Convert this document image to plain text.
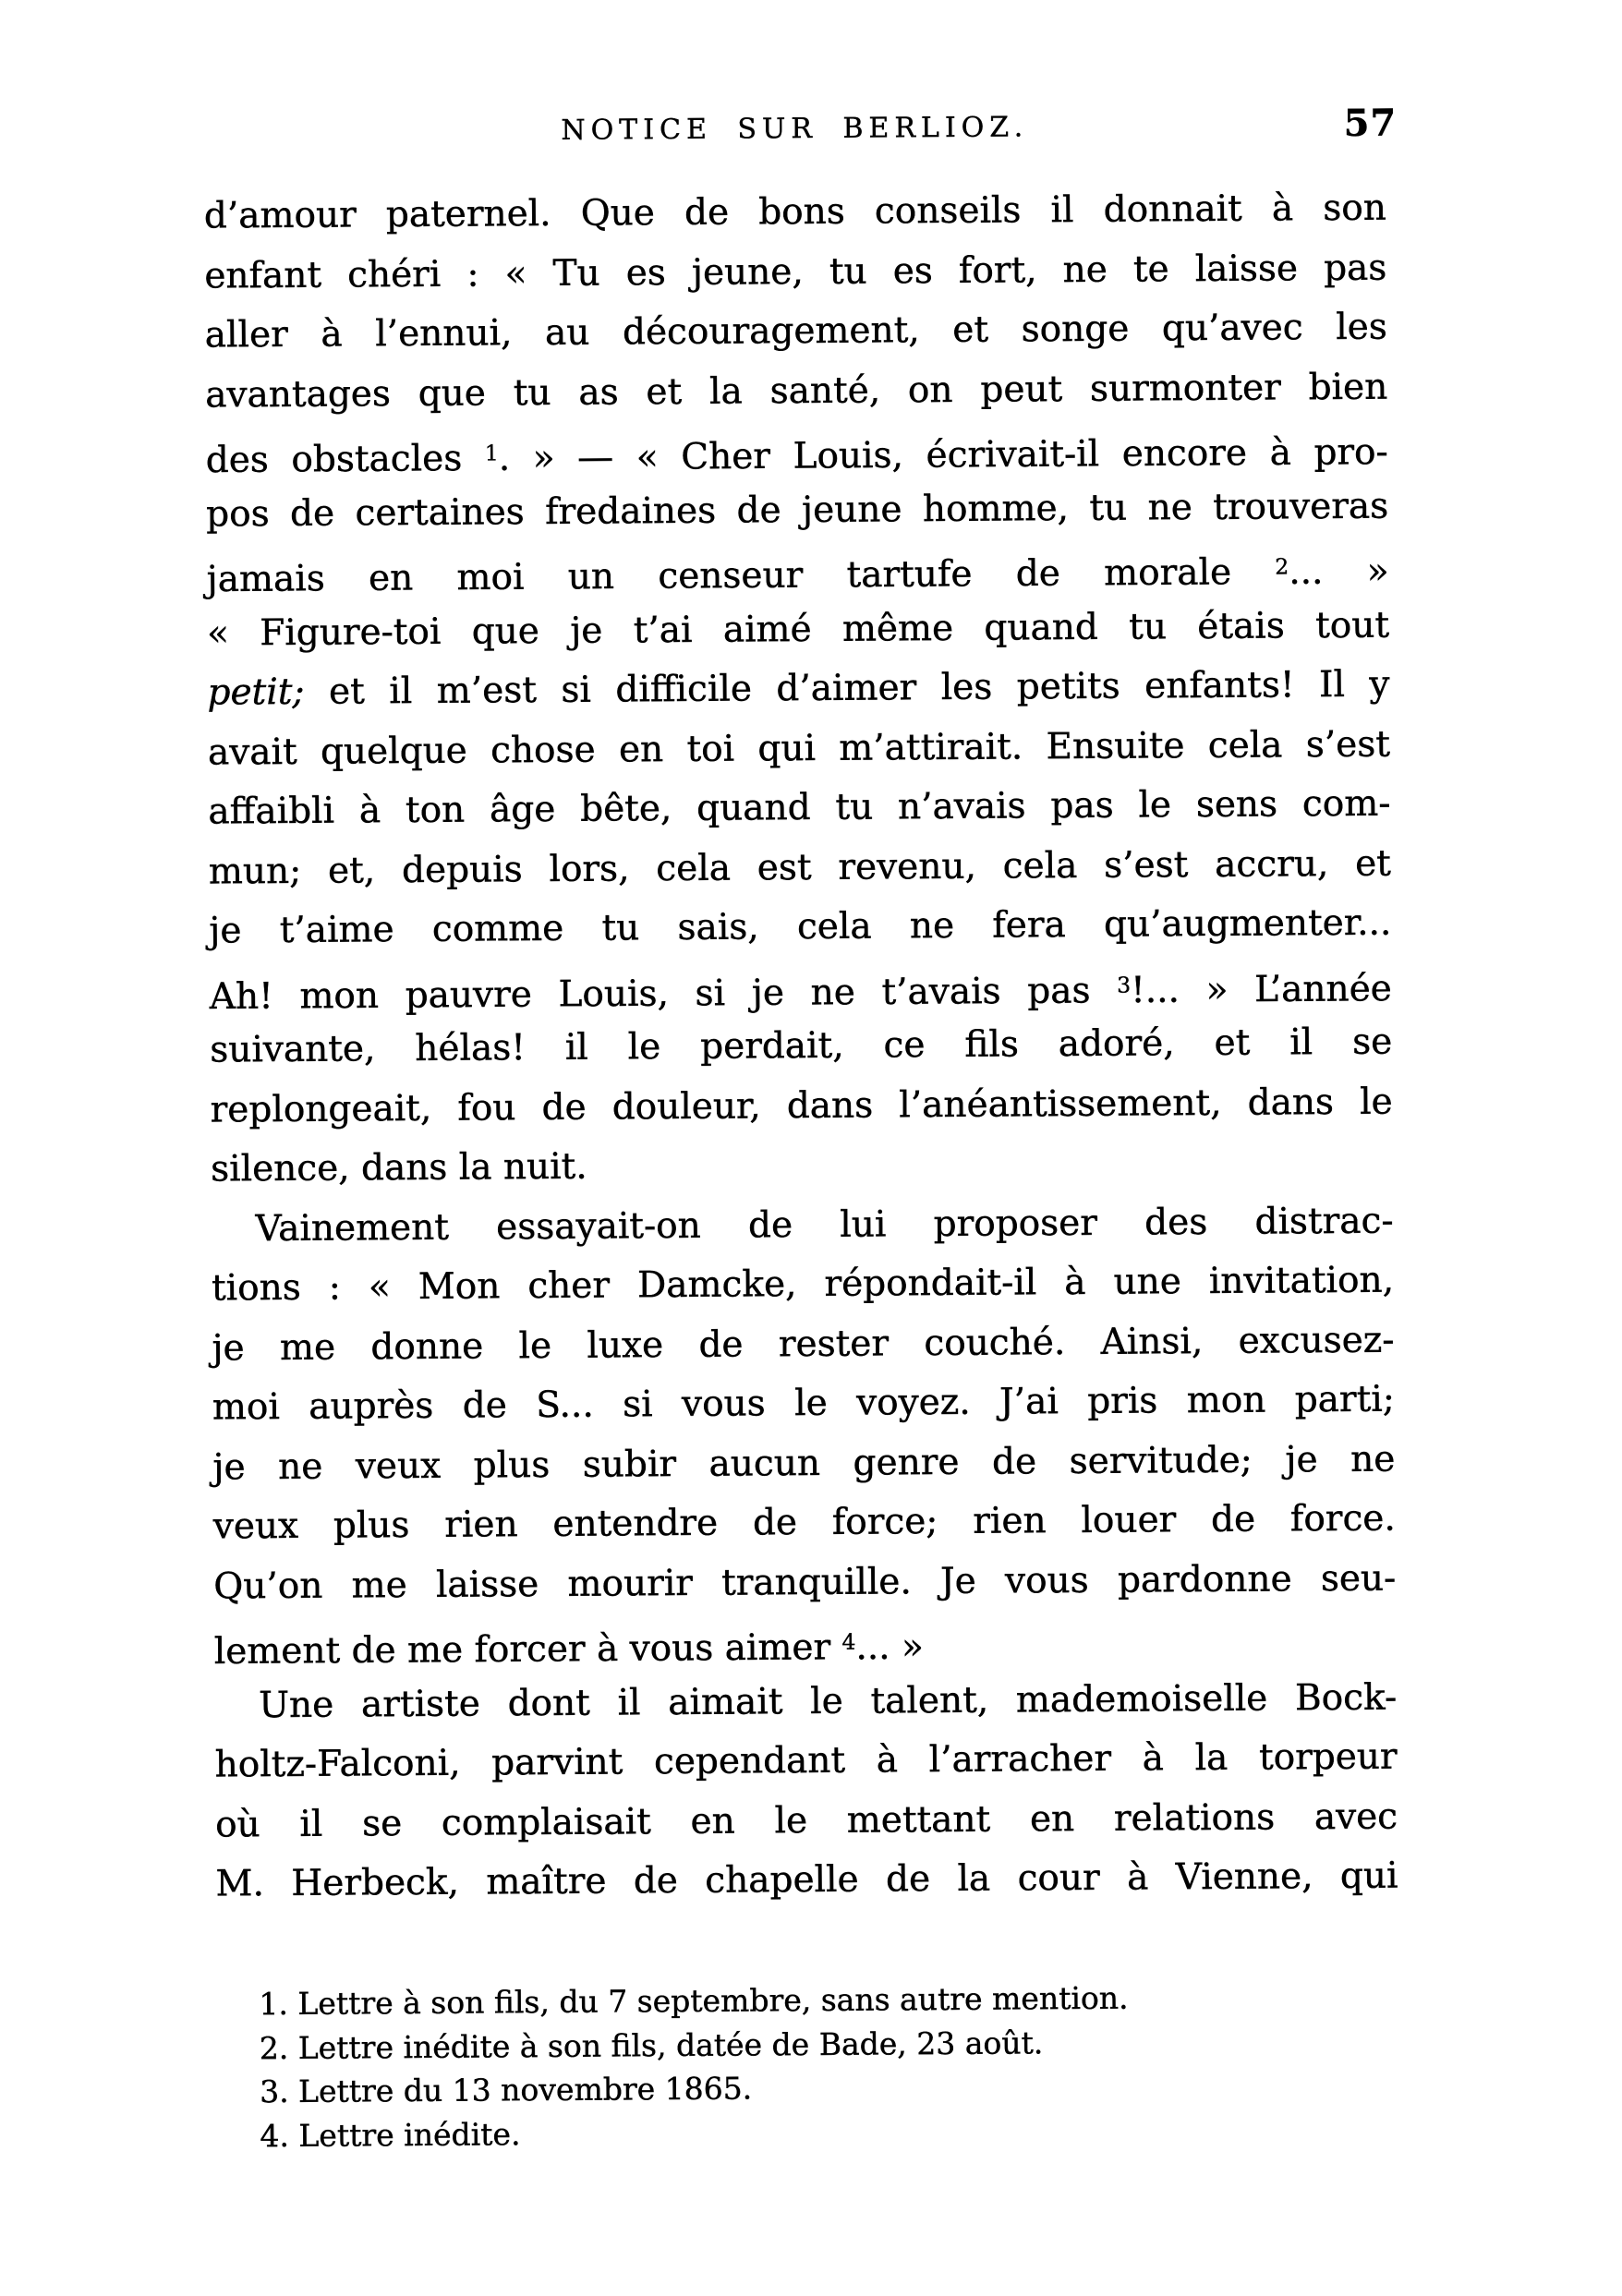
NOTICE SUR BERLIOZ.	57
d’amour paternel. Que de bons conseils il donnait à son
enfant chéri : « Tu es jeune, tu es fort, ne te laisse pas
aller à l’ennui, au découragement, et songe qu’avec les
avantages que tu as et la santé, on peut surmonter bien
des obstacles $^1$. » — « Cher Louis, écrivait-il encore à pro-
pos de certaines fredaines de jeune homme, tu ne trouveras
jamais en moi un censeur tartufe de morale $^2$... »
« Figure-toi que je t’ai aimé même quand tu étais tout
petit; et il m’est si difficile d’aimer les petits enfants! Il y
avait quelque chose en toi qui m’attirait. Ensuite cela s’est
affaibli à ton âge bête, quand tu n’avais pas le sens com-
mun; et, depuis lors, cela est revenu, cela s’est accru, et
je t’aime comme tu sais, cela ne fera qu’augmenter...
Ah! mon pauvre Louis, si je ne t’avais pas $^3$!... » L’année
suivante, hélas! il le perdait, ce fils adoré, et il se
replongeait, fou de douleur, dans l’anéantissement, dans le
silence, dans la nuit.
Vainement essayait-on de lui proposer des distrac-
tions : « Mon cher Damcke, répondait-il à une invitation,
je me donne le luxe de rester couché. Ainsi, excusez-
moi auprès de S... si vous le voyez. J’ai pris mon parti;
je ne veux plus subir aucun genre de servitude; je ne
veux plus rien entendre de force; rien louer de force.
Qu’on me laisse mourir tranquille. Je vous pardonne seu-
lement de me forcer à vous aimer $^4$... »
Une artiste dont il aimait le talent, mademoiselle Bock-
holtz-Falconi, parvint cependant à l’arracher à la torpeur
où il se complaisait en le mettant en relations avec
M. Herbeck, maître de chapelle de la cour à Vienne, qui
1. Lettre à son fils, du 7 septembre, sans autre mention.
2. Lettre inédite à son fils, datée de Bade, 23 août.
3. Lettre du 13 novembre 1865.
4. Lettre inédite.
